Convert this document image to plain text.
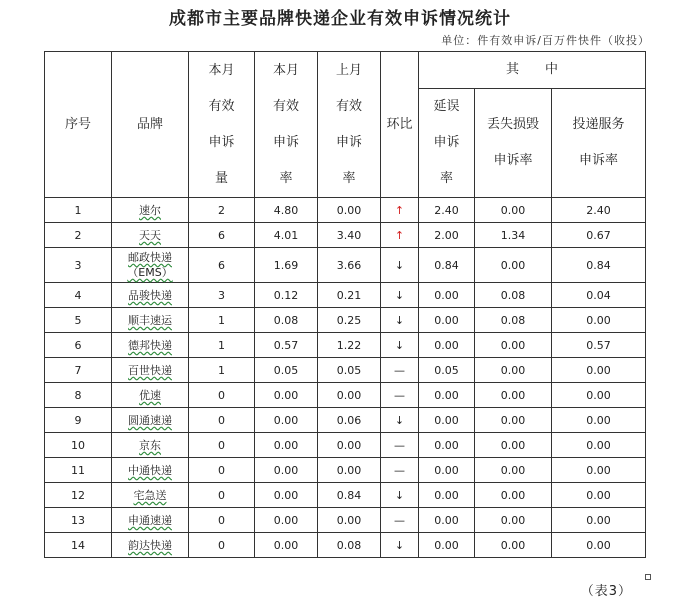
成都市主要品牌快递企业有效申诉情况统计
单位：件有效申诉/百万件快件（收投）
序号	品牌	本月有效申诉量	本月有效申诉率	上月有效申诉率	环比	其　　中		

						延误申诉率	丢失损毁申诉率	投递服务申诉率

1	速尔	2	4.80	0.00	↑	2.40	0.00	2.40
2	天天	6	4.01	3.40	↑	2.00	1.34	0.67
3	邮政快递（EMS）	6	1.69	3.66	↓	0.84	0.00	0.84
4	品骏快递	3	0.12	0.21	↓	0.00	0.08	0.04
5	顺丰速运	1	0.08	0.25	↓	0.00	0.08	0.00
6	德邦快递	1	0.57	1.22	↓	0.00	0.00	0.57
7	百世快递	1	0.05	0.05	—	0.05	0.00	0.00
8	优速	0	0.00	0.00	—	0.00	0.00	0.00
9	圆通速递	0	0.00	0.06	↓	0.00	0.00	0.00
10	京东	0	0.00	0.00	—	0.00	0.00	0.00
11	中通快递	0	0.00	0.00	—	0.00	0.00	0.00
12	宅急送	0	0.00	0.84	↓	0.00	0.00	0.00
13	申通速递	0	0.00	0.00	—	0.00	0.00	0.00
14	韵达快递	0	0.00	0.08	↓	0.00	0.00	0.00
（表3）
